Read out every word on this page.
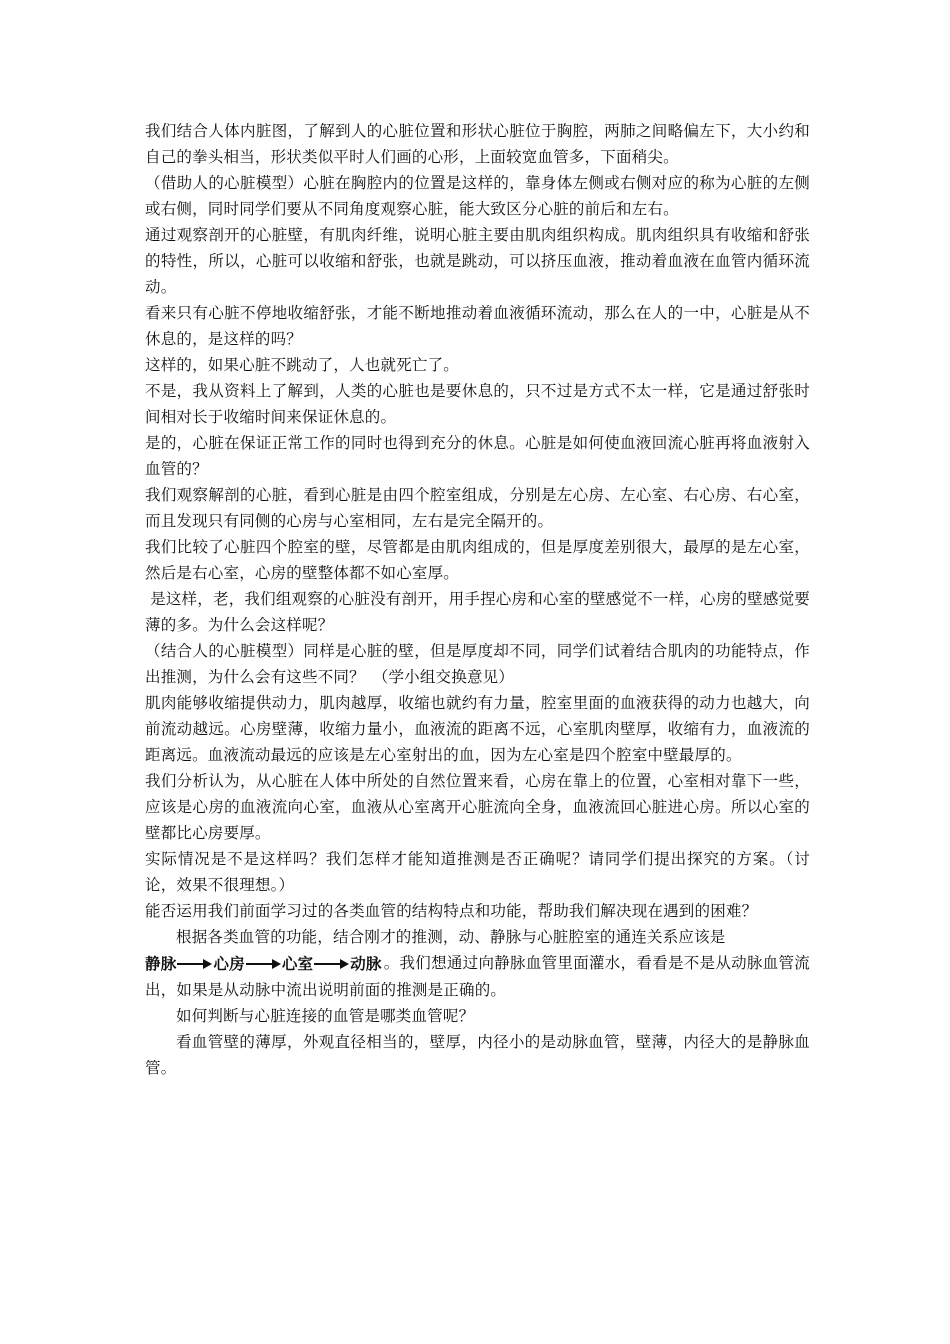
我们结合人体内脏图，了解到人的心脏位置和形状心脏位于胸腔，两肺之间略偏左下，大小约和自己的拳头相当，形状类似平时人们画的心形，上面较宽血管多，下面稍尖。

（借助人的心脏模型）心脏在胸腔内的位置是这样的，靠身体左侧或右侧对应的称为心脏的左侧或右侧，同时同学们要从不同角度观察心脏，能大致区分心脏的前后和左右。

通过观察剖开的心脏壁，有肌肉纤维，说明心脏主要由肌肉组织构成。肌肉组织具有收缩和舒张的特性，所以，心脏可以收缩和舒张，也就是跳动，可以挤压血液，推动着血液在血管内循环流动。

看来只有心脏不停地收缩舒张，才能不断地推动着血液循环流动，那么在人的一中，心脏是从不休息的，是这样的吗？

这样的，如果心脏不跳动了，人也就死亡了。

不是，我从资料上了解到，人类的心脏也是要休息的，只不过是方式不太一样，它是通过舒张时间相对长于收缩时间来保证休息的。

是的，心脏在保证正常工作的同时也得到充分的休息。心脏是如何使血液回流心脏再将血液射入血管的？

我们观察解剖的心脏，看到心脏是由四个腔室组成，分别是左心房、左心室、右心房、右心室，而且发现只有同侧的心房与心室相同，左右是完全隔开的。

我们比较了心脏四个腔室的壁，尽管都是由肌肉组成的，但是厚度差别很大，最厚的是左心室，然后是右心室，心房的壁整体都不如心室厚。

是这样，老，我们组观察的心脏没有剖开，用手捏心房和心室的壁感觉不一样，心房的壁感觉要薄的多。为什么会这样呢？

（结合人的心脏模型）同样是心脏的壁，但是厚度却不同，同学们试着结合肌肉的功能特点，作出推测，为什么会有这些不同？　（学小组交换意见）

肌肉能够收缩提供动力，肌肉越厚，收缩也就约有力量，腔室里面的血液获得的动力也越大，向前流动越远。心房壁薄，收缩力量小，血液流的距离不远，心室肌肉壁厚，收缩有力，血液流的距离远。血液流动最远的应该是左心室射出的血，因为左心室是四个腔室中壁最厚的。

我们分析认为，从心脏在人体中所处的自然位置来看，心房在靠上的位置，心室相对靠下一些，应该是心房的血液流向心室，血液从心室离开心脏流向全身，血液流回心脏进心房。所以心室的壁都比心房要厚。

实际情况是不是这样吗？我们怎样才能知道推测是否正确呢？请同学们提出探究的方案。（讨论，效果不很理想。）

能否运用我们前面学习过的各类血管的结构特点和功能，帮助我们解决现在遇到的困难？

根据各类血管的功能，结合刚才的推测，动、静脉与心脏腔室的通连关系应该是

静脉 心房 心室 动脉 。我们想通过向静脉血管里面灌水，看看是不是从动脉血管流出，如果是从动脉中流出说明前面的推测是正确的。

如何判断与心脏连接的血管是哪类血管呢？

看血管壁的薄厚，外观直径相当的，壁厚，内径小的是动脉血管，壁薄，内径大的是静脉血管。
